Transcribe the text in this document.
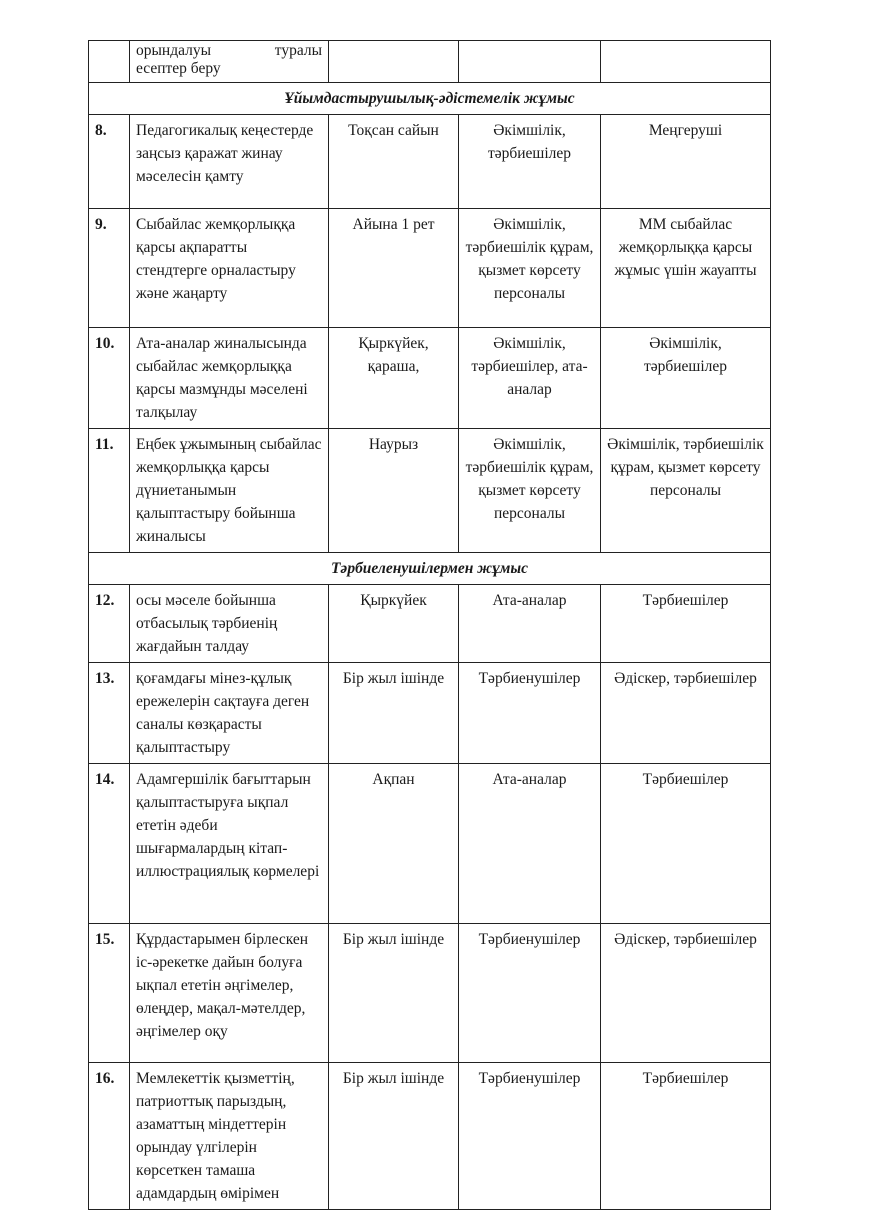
	орындалуы туралы
есептер беру			
Ұйымдастырушылық-әдістемелік жұмыс				
8.	Педагогикалық кеңестерде заңсыз қаражат жинау мәселесін қамту	Тоқсан сайын	Әкімшілік, тәрбиешілер	Меңгеруші
9.	Сыбайлас жемқорлыққа қарсы ақпаратты стендтерге орналастыру және жаңарту	Айына 1 рет	Әкімшілік, тәрбиешілік құрам, қызмет көрсету персоналы	ММ сыбайлас жемқорлыққа қарсы жұмыс үшін жауапты
10.	Ата-аналар жиналысында сыбайлас жемқорлыққа қарсы мазмұнды мәселені талқылау	Қыркүйек, қараша,	Әкімшілік, тәрбиешілер, ата-аналар	Әкімшілік, тәрбиешілер
11.	Еңбек ұжымының сыбайлас жемқорлыққа қарсы дүниетанымын қалыптастыру бойынша жиналысы	Наурыз	Әкімшілік, тәрбиешілік құрам, қызмет көрсету персоналы	Әкімшілік, тәрбиешілік құрам, қызмет көрсету персоналы
Тәрбиеленушілермен жұмыс				
12.	осы мәселе бойынша отбасылық тәрбиенің жағдайын талдау	Қыркүйек	Ата-аналар	Тәрбиешілер
13.	қоғамдағы мінез-құлық ережелерін сақтауға деген саналы көзқарасты қалыптастыру	Бір жыл ішінде	Тәрбиенушілер	Әдіскер, тәрбиешілер
14.	Адамгершілік бағыттарын қалыптастыруға ықпал ететін әдеби шығармалардың кітап-иллюстрациялық көрмелері	Ақпан	Ата-аналар	Тәрбиешілер
15.	Құрдастарымен бірлескен іс-әрекетке дайын болуға ықпал ететін әңгімелер, өлеңдер, мақал-мәтелдер, әңгімелер оқу	Бір жыл ішінде	Тәрбиенушілер	Әдіскер, тәрбиешілер
16.	Мемлекеттік қызметтің, патриоттық парыздың, азаматтың міндеттерін орындау үлгілерін көрсеткен тамаша адамдардың өмірімен	Бір жыл ішінде	Тәрбиенушілер	Тәрбиешілер
